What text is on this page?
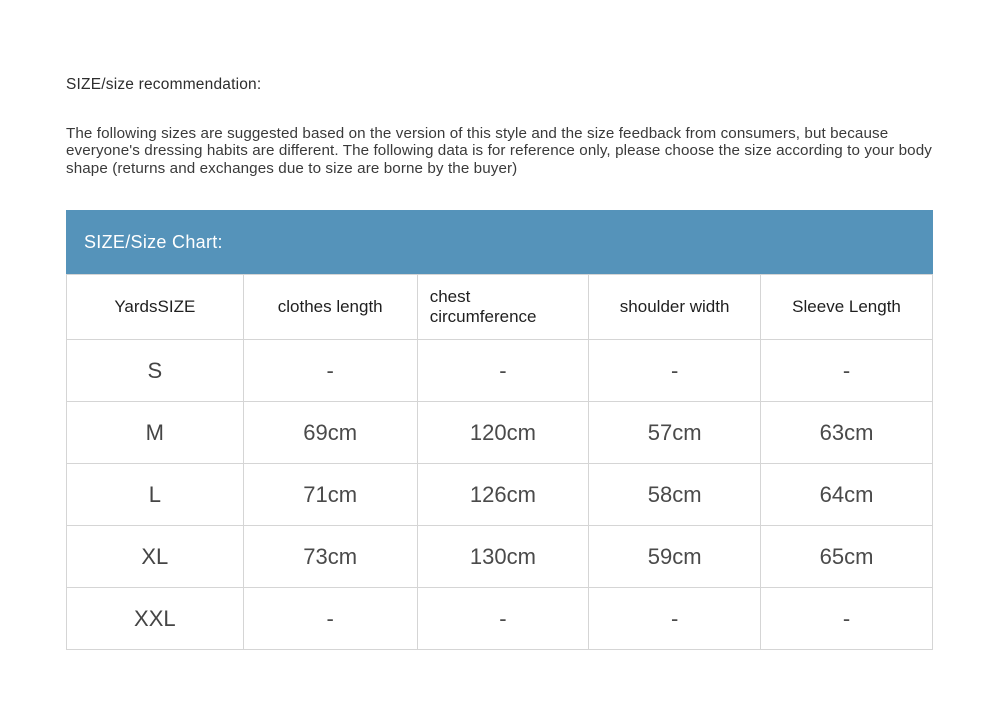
SIZE/size recommendation:

The following sizes are suggested based on the version of this style and the size feedback from consumers, but because everyone's dressing habits are different. The following data is for reference only, please choose the size according to your body shape (returns and exchanges due to size are borne by the buyer)

SIZE/Size Chart:
YardsSIZE	clothes length	chest circumference	shoulder width	Sleeve Length
S	-	-	-	-
M	69cm	120cm	57cm	63cm
L	71cm	126cm	58cm	64cm
XL	73cm	130cm	59cm	65cm
XXL	-	-	-	-
